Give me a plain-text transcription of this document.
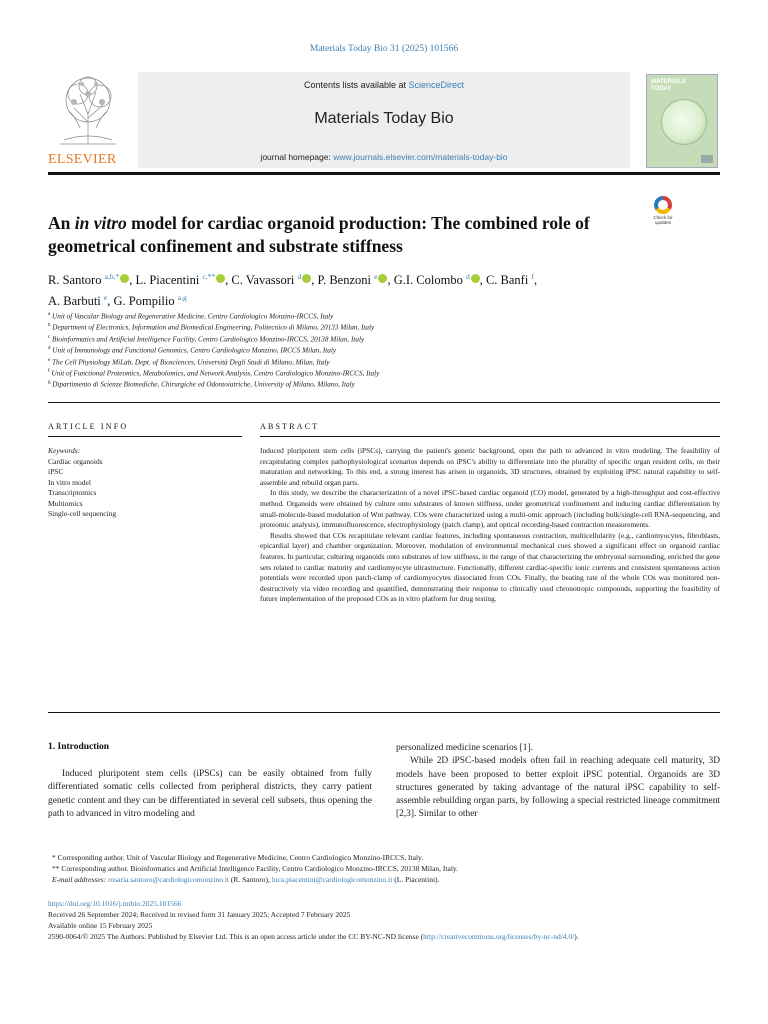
Materials Today Bio 31 (2025) 101566
ELSEVIER
Contents lists available at ScienceDirect
Materials Today Bio
journal homepage: www.journals.elsevier.com/materials-today-bio
MATERIALS TODAY
An in vitro model for cardiac organoid production: The combined role of geometrical confinement and substrate stiffness
Check for updates
R. Santoro $^{a,b,*}$ , L. Piacentini $^{c,**}$ , C. Vavassori $^d$ , P. Benzoni $^e$ , G.I. Colombo $^d$ , C. Banfi $^f$,
A. Barbuti $^e$, G. Pompilio $^{a,g}$
$^a$ Unit of Vascular Biology and Regenerative Medicine, Centro Cardiologico Monzino-IRCCS, Italy
$^b$ Department of Electronics, Information and Biomedical Engineering, Politecnico di Milano, 20133 Milan, Italy
$^c$ Bioinformatics and Artificial Intelligence Facility, Centro Cardiologico Monzino-IRCCS, 20138 Milan, Italy
$^d$ Unit of Immunology and Functional Genomics, Centro Cardiologico Monzino, IRCCS Milan, Italy
$^e$ The Cell Physiology MiLab, Dept. of Biosciences, Università Degli Studi di Milano, Milan, Italy
$^f$ Unit of Functional Proteomics, Metabolomics, and Network Analysis, Centro Cardiologico Monzino-IRCCS, Italy
$^g$ Dipartimento di Scienze Biomediche, Chirurgiche ed Odontoiatriche, University of Milano, Milano, Italy
ARTICLE INFO	ABSTRACT
Keywords:
Cardiac organoids
iPSC
In vitro model
Transcriptomics
Multiomics
Single-cell sequencing

Induced pluripotent stem cells (iPSCs), carrying the patient's genetic background, open the path to advanced in vitro modeling. The feasibility of recapitulating complex pathophysiological scenarios depends on iPSC's ability to differentiate into the plurality of specific organ resident cells, on their maturation and networking. To this end, a strong interest has arisen in organoids, 3D structures, obtained by exploiting iPSC natural capability to self-assemble and rebuild organ parts.

In this study, we describe the characterization of a novel iPSC-based cardiac organoid (CO) model, generated by a high-throughput and cost-effective method. Organoids were obtained by culture onto substrates of known stiffness, under geometrical confinement and inducing cardiac differentiation by small-molecule-based modulation of Wnt pathway. COs were characterized using a multi-omic approach (including bulk/single-cell RNA-sequencing, and proteomic analysis), immunofluorescence, electrophysiology (patch clamp), and optical recording-based contraction measurements.

Results showed that COs recapitulate relevant cardiac features, including spontaneous contraction, multicellularity (e.g., cardiomyocytes, fibroblasts, epicardial layer) and chamber organization. Moreover, modulation of environmental mechanical cues showed a significant effect on organoid cardiac features. In particular, culturing organoids onto substrates of low stiffness, in the range of that characterizing the embryonal surrounding, enriched the gene sets related to cardiac maturity and cardiomyocyte ultrastructure. Functionally, different cardiac-specific ionic currents and consistent spontaneous action potentials were recorded upon patch-clamp of cardiomyocytes dissociated from COs. Finally, the beating rate of the whole COs was monitored non-destructively via video recording and quantified, demonstrating their response to clinically used chronotropic compounds, supporting the feasibility of future implementation of the proposed COs as in vitro platform for drug testing.

1. Introduction

Induced pluripotent stem cells (iPSCs) can be easily obtained from fully differentiated somatic cells collected from peripheral districts, they carry patient genetic content and they can be differentiated in several cell subsets, thus opening the path to advanced in vitro modeling and

personalized medicine scenarios [1].

While 2D iPSC-based models often fail in reaching adequate cell maturity, 3D models have been proposed to better exploit iPSC potential. Organoids are 3D structures generated by taking advantage of the natural iPSC capability to self-assemble rebuilding organ parts, by following a special restricted lineage commitment [2,3]. Similar to other

* Corresponding author. Unit of Vascular Biology and Regenerative Medicine, Centro Cardiologico Monzino-IRCCS, Italy.
** Corresponding author. Bioinformatics and Artificial Intelligence Facility, Centro Cardiologico Monzino-IRCCS, 20138 Milan, Italy.
E-mail addresses: rosaria.santoro@cardiologicomonzino.it (R. Santoro), luca.piacentini@cardiologicomonzino.it (L. Piacentini).
https://doi.org/10.1016/j.mtbio.2025.101566
Received 26 September 2024; Received in revised form 31 January 2025; Accepted 7 February 2025
Available online 15 February 2025
2590-0064/© 2025 The Authors. Published by Elsevier Ltd. This is an open access article under the CC BY-NC-ND license (http://creativecommons.org/licenses/by-nc-nd/4.0/).
